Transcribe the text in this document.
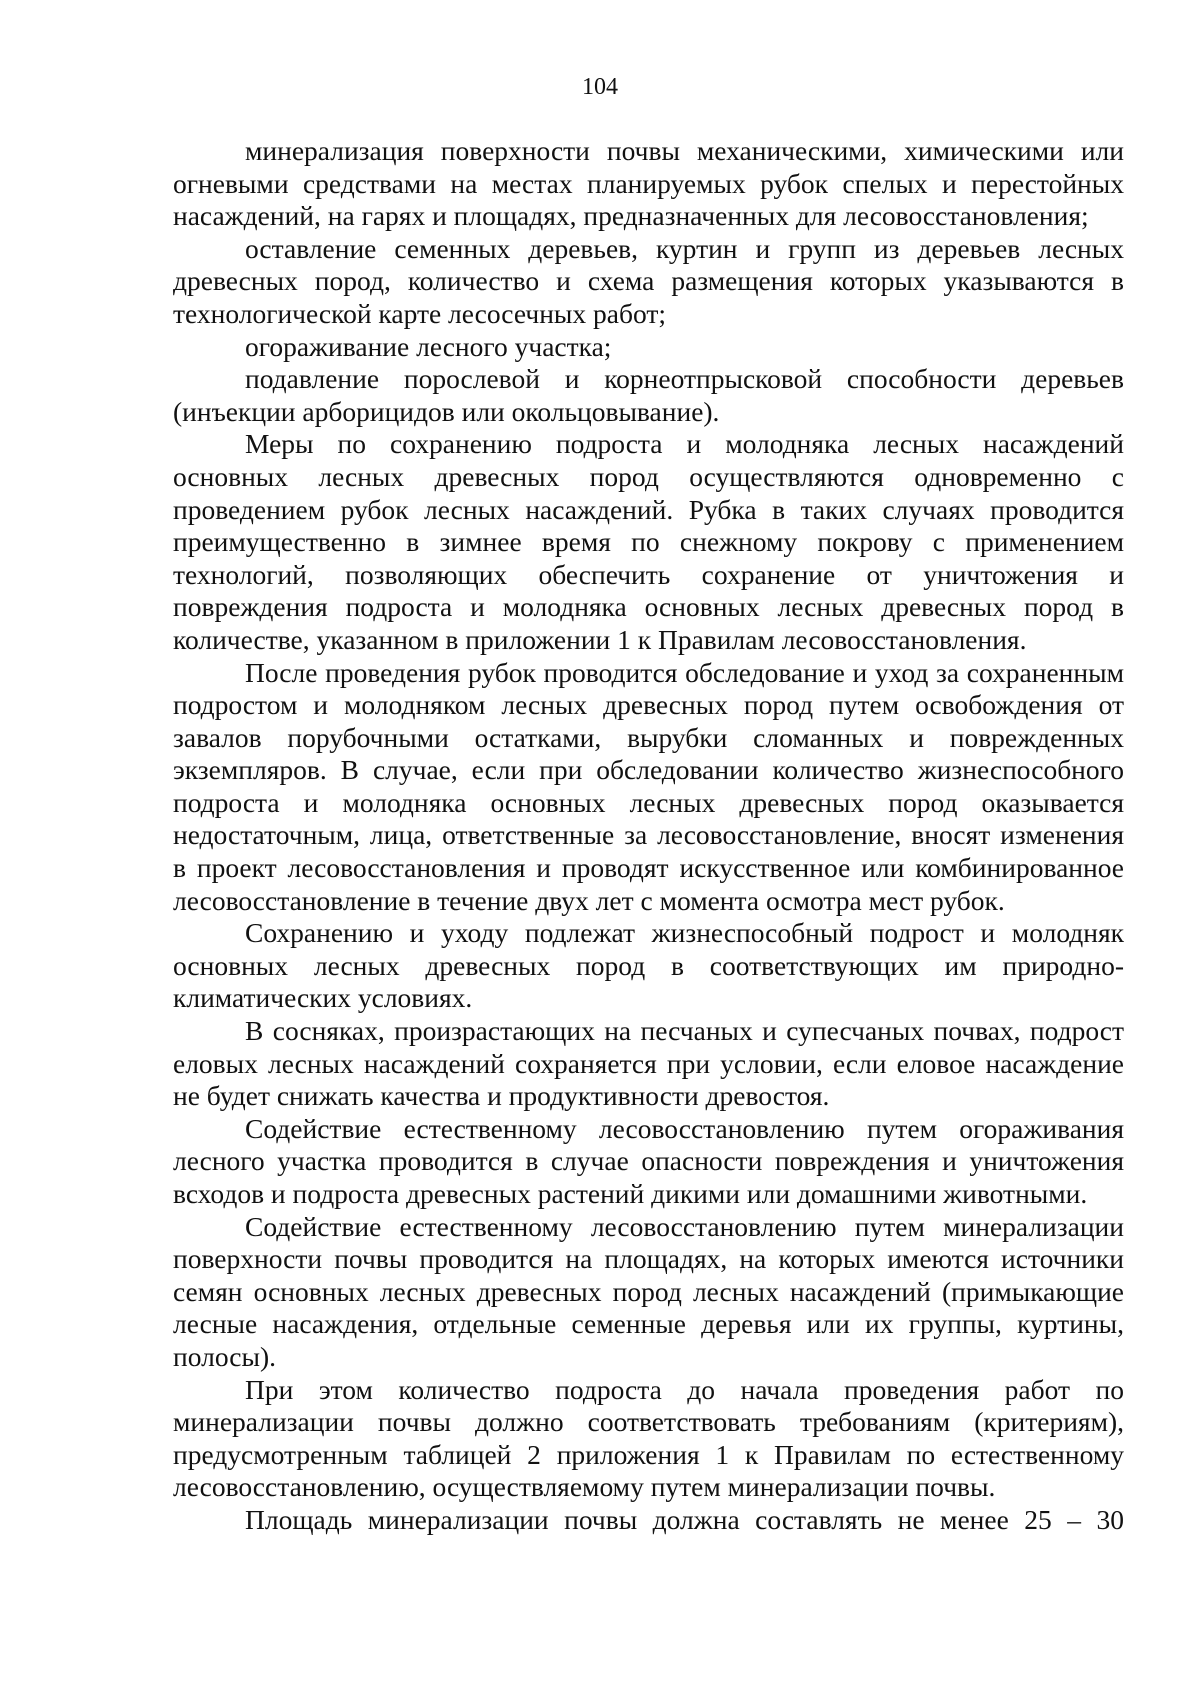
104

минерализация поверхности почвы механическими, химическими или огневыми средствами на местах планируемых рубок спелых и перестойных насаждений, на гарях и площадях, предназначенных для лесовосстановления;

оставление семенных деревьев, куртин и групп из деревьев лесных древесных пород, количество и схема размещения которых указываются в технологической карте лесосечных работ;

огораживание лесного участка;

подавление порослевой и корнеотпрысковой способности деревьев (инъекции арборицидов или окольцовывание).

Меры по сохранению подроста и молодняка лесных насаждений основных лесных древесных пород осуществляются одновременно с проведением рубок лесных насаждений. Рубка в таких случаях проводится преимущественно в зимнее время по снежному покрову с применением технологий, позволяющих обеспечить сохранение от уничтожения и повреждения подроста и молодняка основных лесных древесных пород в количестве, указанном в приложении 1 к Правилам лесовосстановления.

После проведения рубок проводится обследование и уход за сохраненным подростом и молодняком лесных древесных пород путем освобождения от завалов порубочными остатками, вырубки сломанных и поврежденных экземпляров. В случае, если при обследовании количество жизнеспособного подроста и молодняка основных лесных древесных пород оказывается недостаточным, лица, ответственные за лесовосстановление, вносят изменения в проект лесовосстановления и проводят искусственное или комбинированное лесовосстановление в течение двух лет с момента осмотра мест рубок.

Сохранению и уходу подлежат жизнеспособный подрост и молодняк основных лесных древесных пород в соответствующих им природно-климатических условиях.

В сосняках, произрастающих на песчаных и супесчаных почвах, подрост еловых лесных насаждений сохраняется при условии, если еловое насаждение не будет снижать качества и продуктивности древостоя.

Содействие естественному лесовосстановлению путем огораживания лесного участка проводится в случае опасности повреждения и уничтожения всходов и подроста древесных растений дикими или домашними животными.

Содействие естественному лесовосстановлению путем минерализации поверхности почвы проводится на площадях, на которых имеются источники семян основных лесных древесных пород лесных насаждений (примыкающие лесные насаждения, отдельные семенные деревья или их группы, куртины, полосы).

При этом количество подроста до начала проведения работ по минерализации почвы должно соответствовать требованиям (критериям), предусмотренным таблицей 2 приложения 1 к Правилам по естественному лесовосстановлению, осуществляемому путем минерализации почвы.

Площадь минерализации почвы должна составлять не менее 25 – 30
